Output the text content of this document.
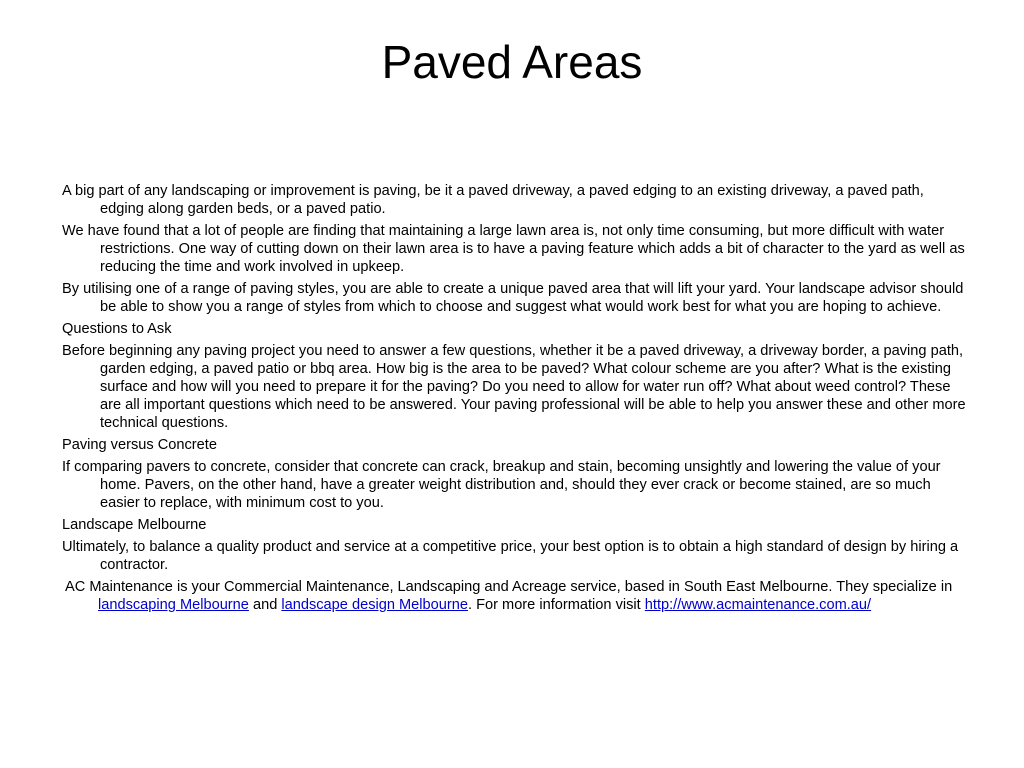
Paved Areas

A big part of any landscaping or improvement is paving, be it a paved driveway, a paved edging to an existing driveway, a paved path, edging along garden beds, or a paved patio.

We have found that a lot of people are finding that maintaining a large lawn area is, not only time consuming, but more difficult with water restrictions. One way of cutting down on their lawn area is to have a paving feature which adds a bit of character to the yard as well as reducing the time and work involved in upkeep.

By utilising one of a range of paving styles, you are able to create a unique paved area that will lift your yard. Your landscape advisor should be able to show you a range of styles from which to choose and suggest what would work best for what you are hoping to achieve.

Questions to Ask

Before beginning any paving project you need to answer a few questions, whether it be a paved driveway, a driveway border, a paving path, garden edging, a paved patio or bbq area. How big is the area to be paved? What colour scheme are you after? What is the existing surface and how will you need to prepare it for the paving? Do you need to allow for water run off? What about weed control? These are all important questions which need to be answered. Your paving professional will be able to help you answer these and other more technical questions.

Paving versus Concrete

If comparing pavers to concrete, consider that concrete can crack, breakup and stain, becoming unsightly and lowering the value of your home. Pavers, on the other hand, have a greater weight distribution and, should they ever crack or become stained, are so much easier to replace, with minimum cost to you.

Landscape Melbourne

Ultimately, to balance a quality product and service at a competitive price, your best option is to obtain a high standard of design by hiring a contractor.

AC Maintenance is your Commercial Maintenance, Landscaping and Acreage service, based in South East Melbourne. They specialize in landscaping Melbourne and landscape design Melbourne. For more information visit http://www.acmaintenance.com.au/
